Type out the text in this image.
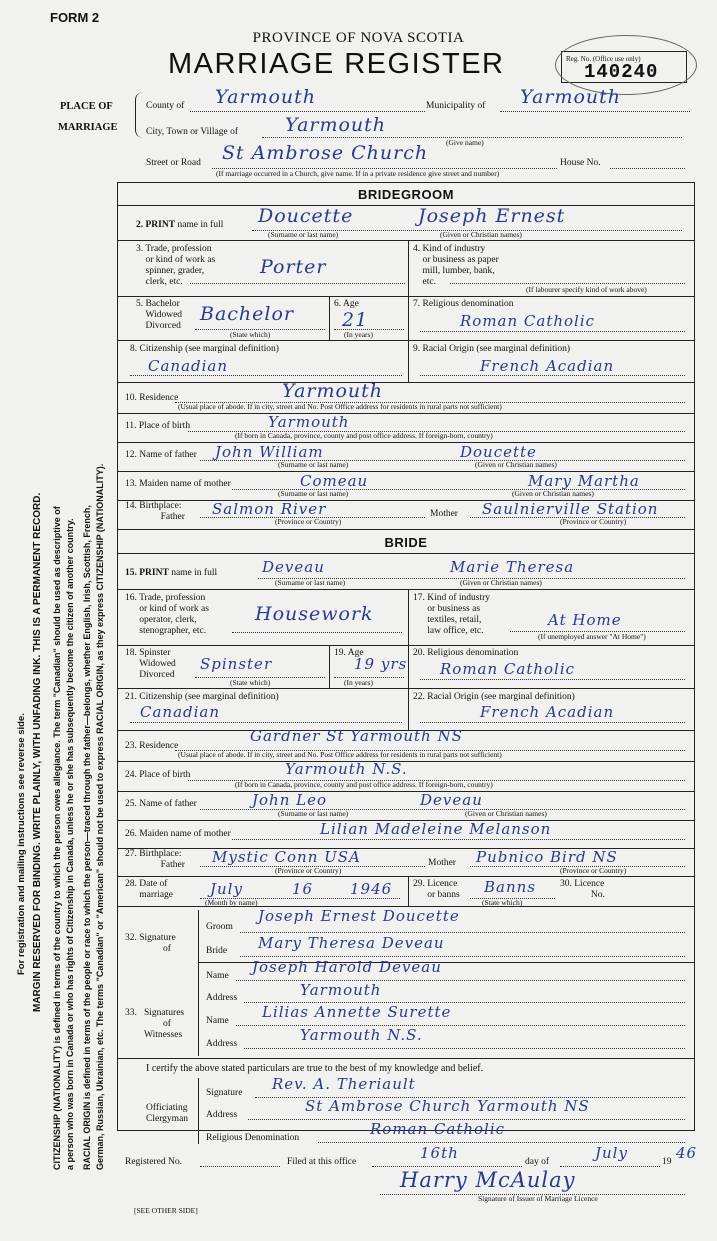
FORM 2
PROVINCE OF NOVA SCOTIA
MARRIAGE REGISTER	Reg. No. (Office use only)
140240
For registration and mailing instructions see reverse side. MARGIN RESERVED FOR BINDING. WRITE PLAINLY, WITH UNFADING INK. THIS IS A PERMANENT RECORD. CITIZENSHIP (NATIONALITY) is defined in terms of the country to which the person owes allegiance. The term "Canadian" should be used as descriptive of a person who was born in Canada or who has rights of Citizenship in Canada, unless he or she has subsequently become the citizen of another country. RACIAL ORIGIN is defined in terms of the people or race to which the person—traced through the father—belongs, whether English, Irish, Scottish, French, German, Russian, Ukrainian, etc. The terms "Canadian" or "American" should not be used to express RACIAL ORIGIN, as they express CITIZENSHIP (NATIONALITY).
PLACE OF
MARRIAGE
County of Yarmouth	Municipality of Yarmouth
City, Town or Village of Yarmouth
(Give name)
Street or Road St Ambrose Church	House No.
(If marriage occurred in a Church, give name. If in a private residence give street and number)
BRIDEGROOM
2. PRINT name in full Doucette	Joseph Ernest
(Surname or last name)	(Given or Christian names)
3. Trade, profession
or kind of work as
spinner, grader,
clerk, etc.
Porter
4. Kind of industry
or business as paper
mill, lumber, bank,
etc.
(If labourer specify kind of work above)
5. Bachelor
Widowed
Divorced
Bachelor
(State which)
6. Age
21
(In years)
7. Religious denomination
Roman Catholic
8. Citizenship (see marginal definition)
Canadian
9. Racial Origin (see marginal definition)
French Acadian
10. Residence	Yarmouth
(Usual place of abode. If in city, street and No. Post Office address for residents in rural parts not sufficient)
11. Place of birth	Yarmouth
(If born in Canada, province, county and post office address. If foreign-born, country)
12. Name of father John William	Doucette
(Surname or last name)	(Given or Christian names)
13. Maiden name of mother	Comeau	Mary Martha
(Surname or last name)	(Given or Christian names)
14. Birthplace:
Father Salmon River	Mother Saulnierville Station
(Province or Country)	(Province or Country)
BRIDE
15. PRINT name in full	Deveau	Marie Theresa
(Surname or last name)	(Given or Christian names)
16. Trade, profession
or kind of work as
operator, clerk,
stenographer, etc.
Housework
17. Kind of industry
or business as
textiles, retail,
law office, etc.
At Home
(If unemployed answer "At Home")
18. Spinster
Widowed
Divorced
Spinster
(State which)
19. Age
19 yrs
(In years)
20. Religious denomination
Roman Catholic
21. Citizenship (see marginal definition)
Canadian
22. Racial Origin (see marginal definition)
French Acadian
23. Residence
Gardner St Yarmouth NS
(Usual place of abode. If in city, street and No. Post Office address for residents in rural parts not sufficient)
24. Place of birth	Yarmouth N.S.
(If born in Canada, province, county and post office address. If foreign-born, country)
25. Name of father	John Leo	Deveau
(Surname or last name)	(Given or Christian names)
26. Maiden name of mother	Lilian Madeleine Melanson
27. Birthplace:
Father Mystic Conn USA	Mother Pubnico Bird NS
(Province or Country)	(Province or Country)
28. Date of
marriage July	16 1946
(Month by name)
29. Licence
or banns Banns
(State which)
30. Licence
No.
32. Signature
of
Groom
Joseph Ernest Doucette
Bride Mary Theresa Deveau
33.   Signatures
of
Witnesses
Name Joseph Harold Deveau
Address	Yarmouth
Name Lilias Annette Surette
Address	Yarmouth N.S.
I certify the above stated particulars are true to the best of my knowledge and belief.
Officiating
Clergyman
Signature Rev. A. Theriault
Address	St Ambrose Church Yarmouth NS
Religious Denomination	Roman Catholic
Registered No.	Filed at this office	16th	day of	July	19 46
Harry McAulay
Signature of Issuer of Marriage Licence
[SEE OTHER SIDE]
